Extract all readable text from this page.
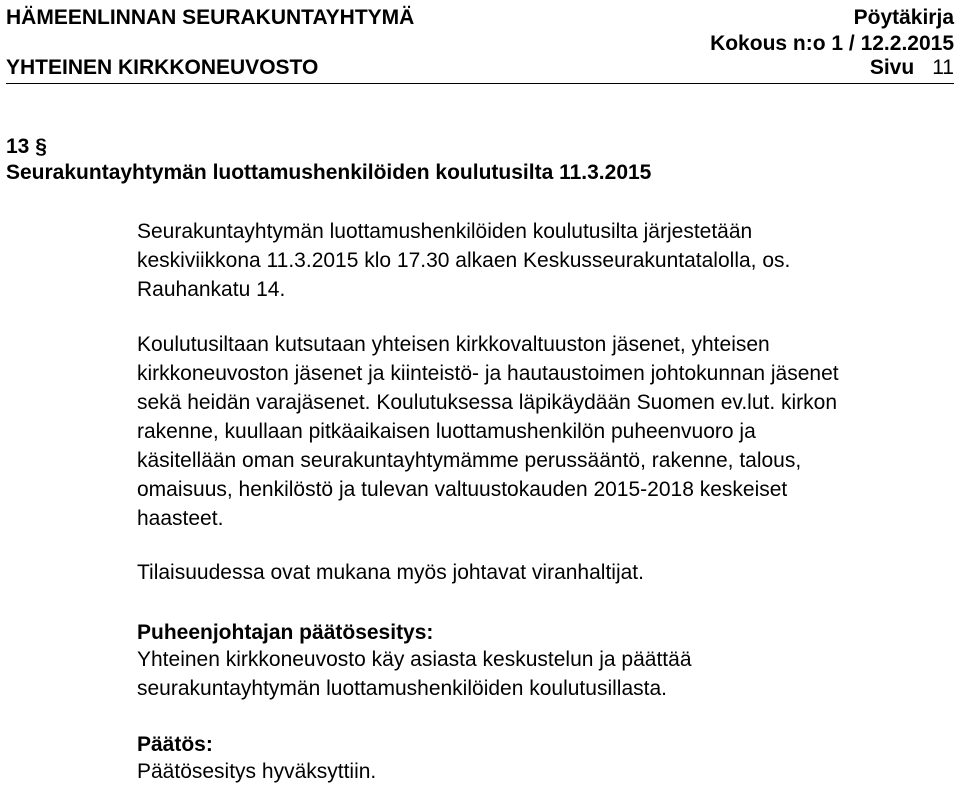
HÄMEENLINNAN SEURAKUNTAYHTYMÄ	Pöytäkirja
Kokous n:o 1 / 12.2.2015
YHTEINEN KIRKKONEUVOSTO	Sivu 11
13 §
Seurakuntayhtymän luottamushenkilöiden koulutusilta 11.3.2015
Seurakuntayhtymän luottamushenkilöiden koulutusilta järjestetään
keskiviikkona 11.3.2015 klo 17.30 alkaen Keskusseurakuntatalolla, os.
Rauhankatu 14.
Koulutusiltaan kutsutaan yhteisen kirkkovaltuuston jäsenet, yhteisen
kirkkoneuvoston jäsenet ja kiinteistö- ja hautaustoimen johtokunnan jäsenet
sekä heidän varajäsenet. Koulutuksessa läpikäydään Suomen ev.lut. kirkon
rakenne, kuullaan pitkäaikaisen luottamushenkilön puheenvuoro ja
käsitellään oman seurakuntayhtymämme perussääntö, rakenne, talous,
omaisuus, henkilöstö ja tulevan valtuustokauden 2015-2018 keskeiset
haasteet.
Tilaisuudessa ovat mukana myös johtavat viranhaltijat.
Puheenjohtajan päätösesitys:
Yhteinen kirkkoneuvosto käy asiasta keskustelun ja päättää
seurakuntayhtymän luottamushenkilöiden koulutusillasta.
Päätös:
Päätösesitys hyväksyttiin.
